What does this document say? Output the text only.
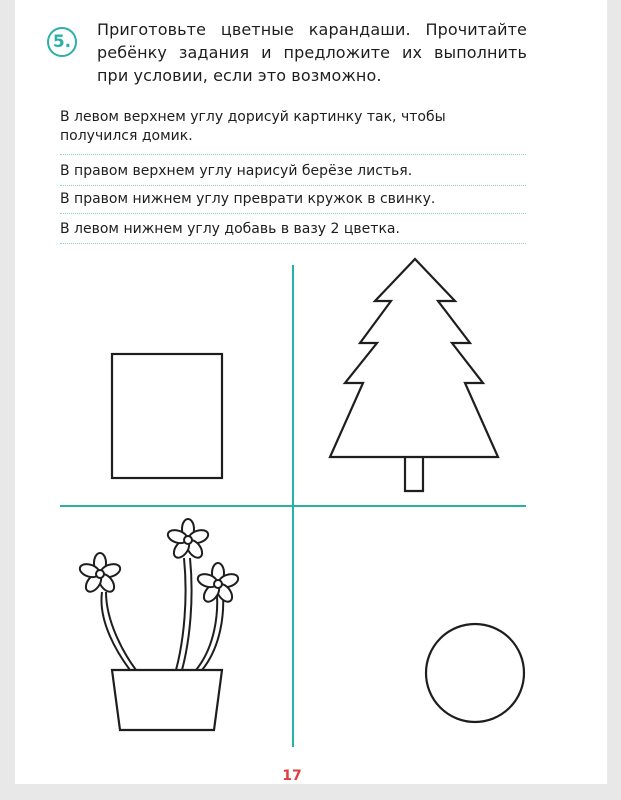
5.
Приготовьте цветные карандаши. Прочитайте ребёнку задания и предложите их выполнить при условии, если это возможно.
В левом верхнем углу дорисуй картинку так, чтобы получился домик.
В правом верхнем углу нарисуй берёзе листья.
В правом нижнем углу преврати кружок в свинку.
В левом нижнем углу добавь в вазу 2 цветка.
17
